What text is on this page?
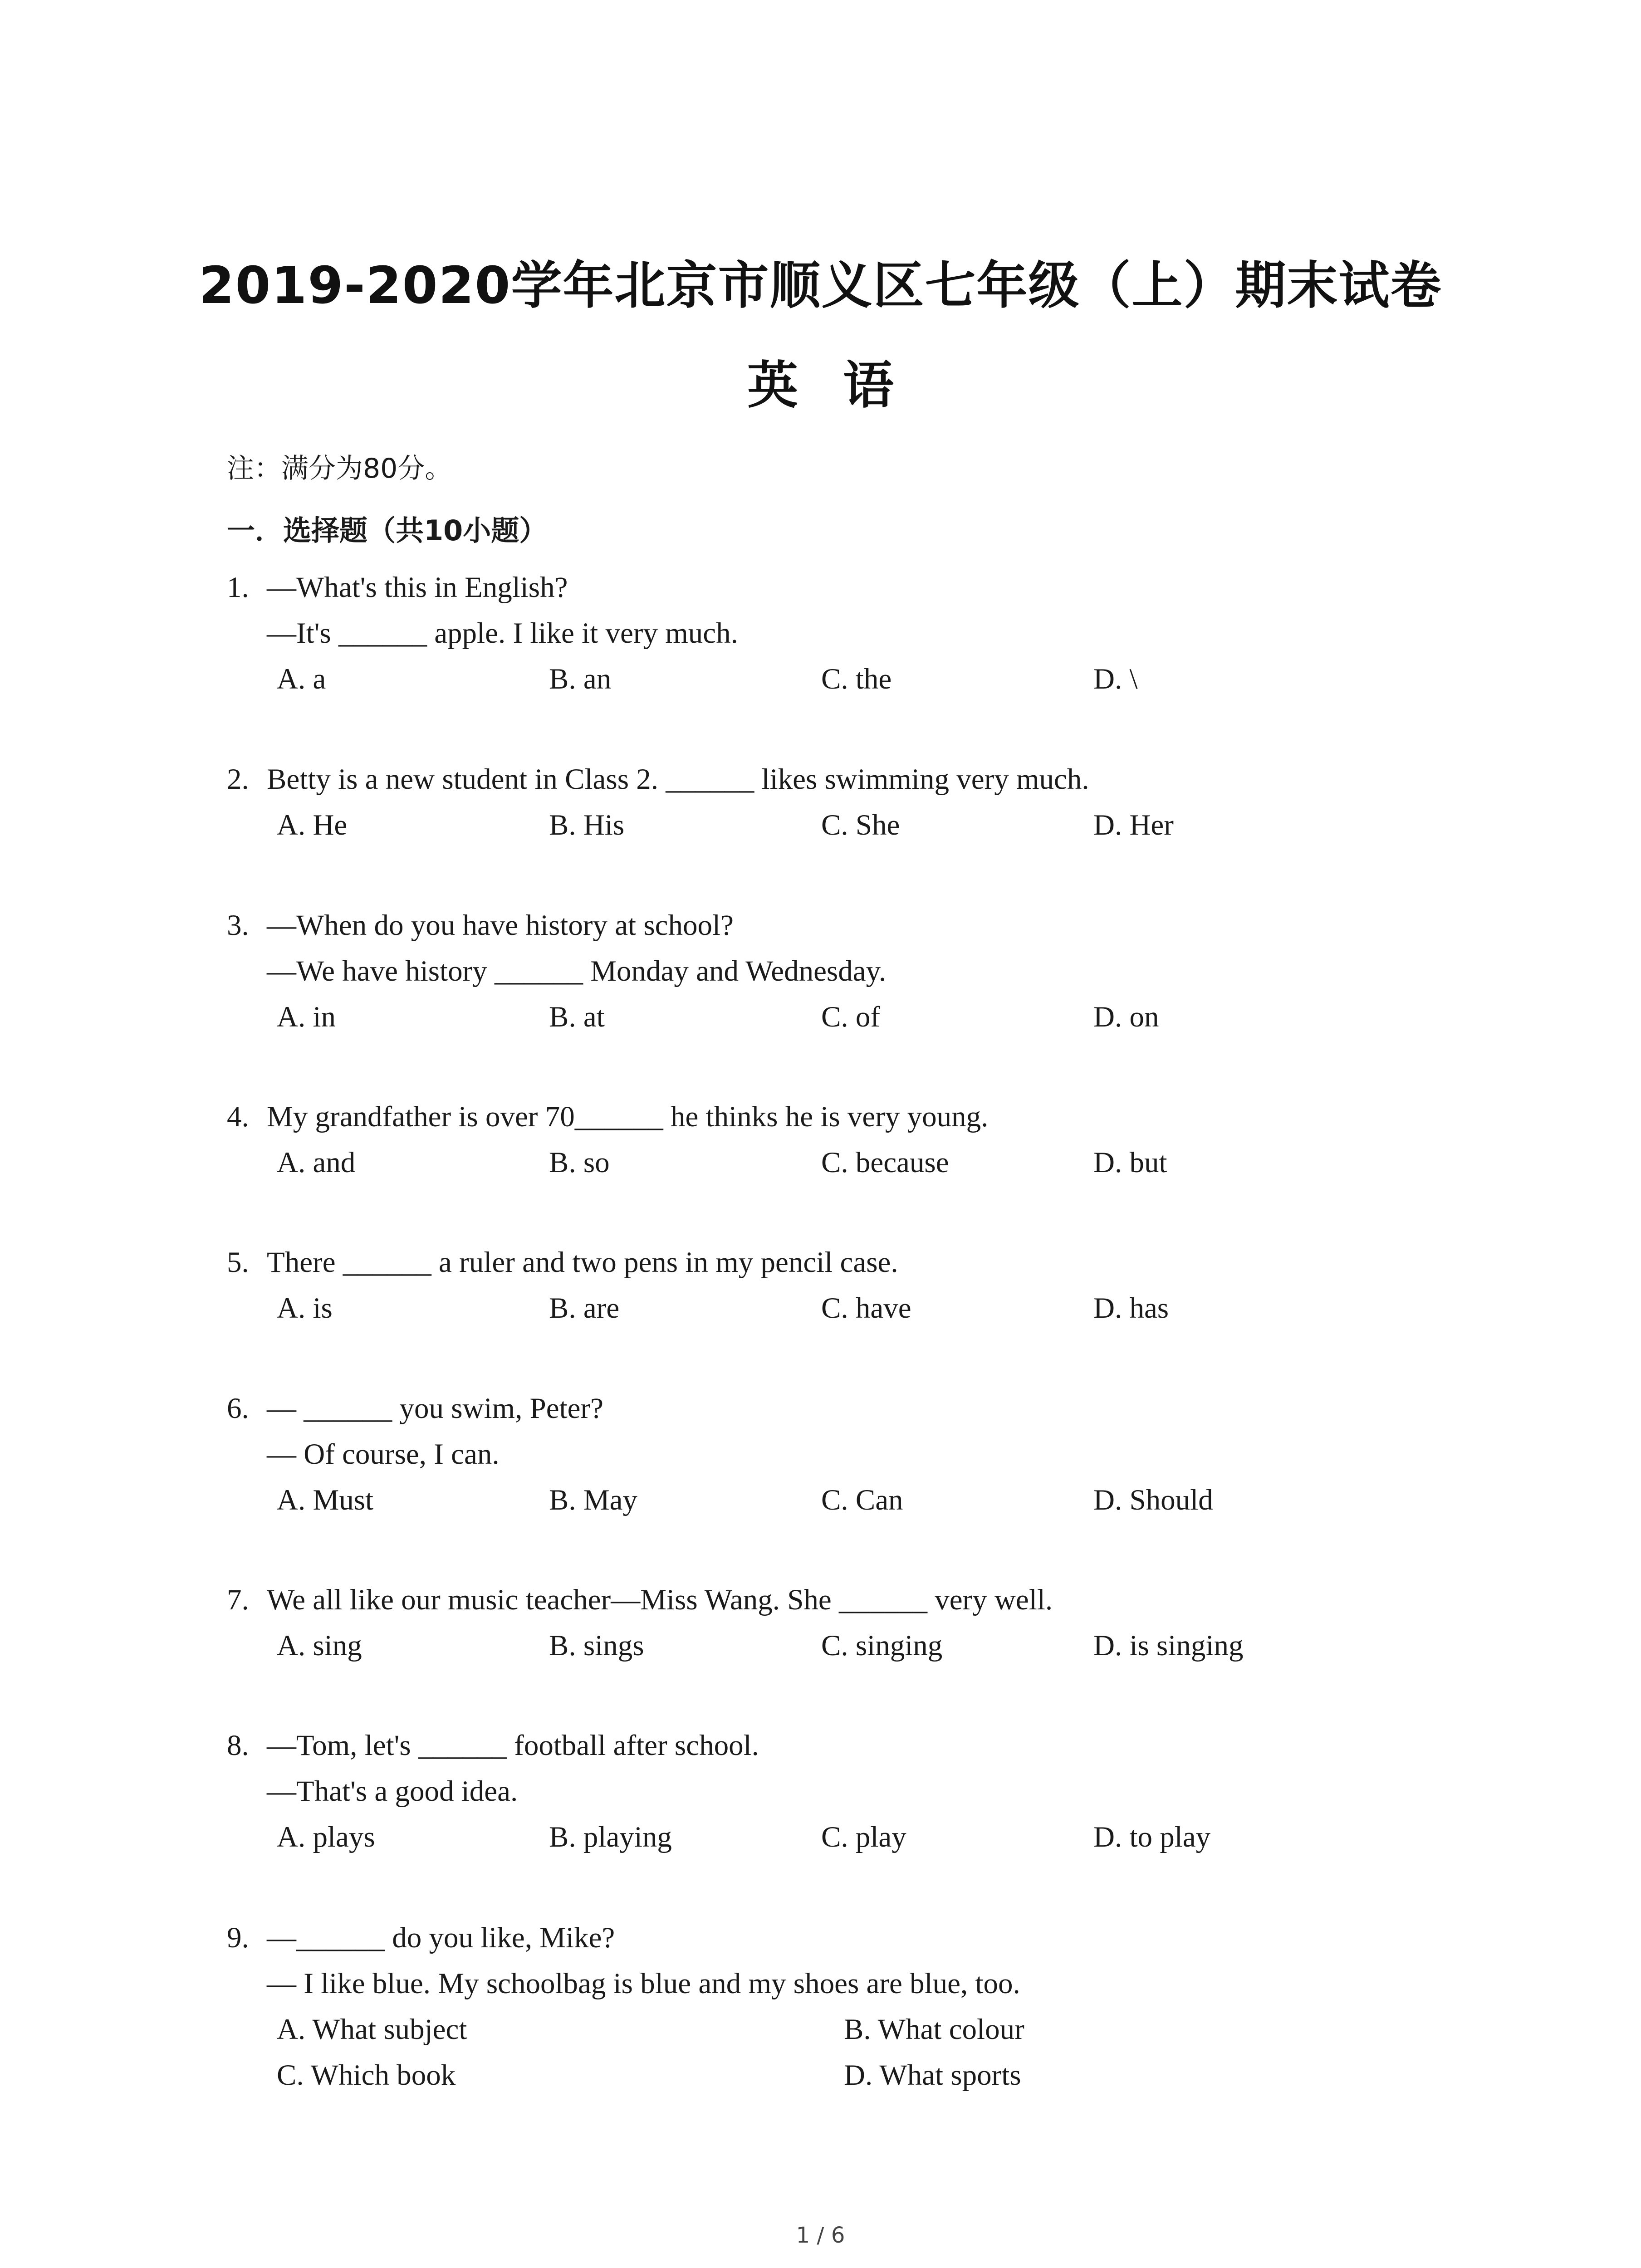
2019-2020学年北京市顺义区七年级（上）期末试卷
英 语
注：满分为80分。
一．选择题（共10小题）
1. —What's this in English?
—It's ______ apple. I like it very much.
A. a	B. an	C. the	D. \
2. Betty is a new student in Class 2. ______ likes swimming very much.
A. He	B. His	C. She	D. Her
3. —When do you have history at school?
—We have history ______ Monday and Wednesday.
A. in	B. at	C. of	D. on
4. My grandfather is over 70______ he thinks he is very young.
A. and	B. so	C. because	D. but
5. There ______ a ruler and two pens in my pencil case.
A. is	B. are	C. have	D. has
6. — ______ you swim, Peter?
— Of course, I can.
A. Must	B. May	C. Can	D. Should
7. We all like our music teacher—Miss Wang. She ______ very well.
A. sing	B. sings	C. singing	D. is singing
8. —Tom, let's ______ football after school.
—That's a good idea.
A. plays	B. playing	C. play	D. to play
9. —______ do you like, Mike?
— I like blue. My schoolbag is blue and my shoes are blue, too.
A. What subject	B. What colour
C. Which book	D. What sports
1 / 6
